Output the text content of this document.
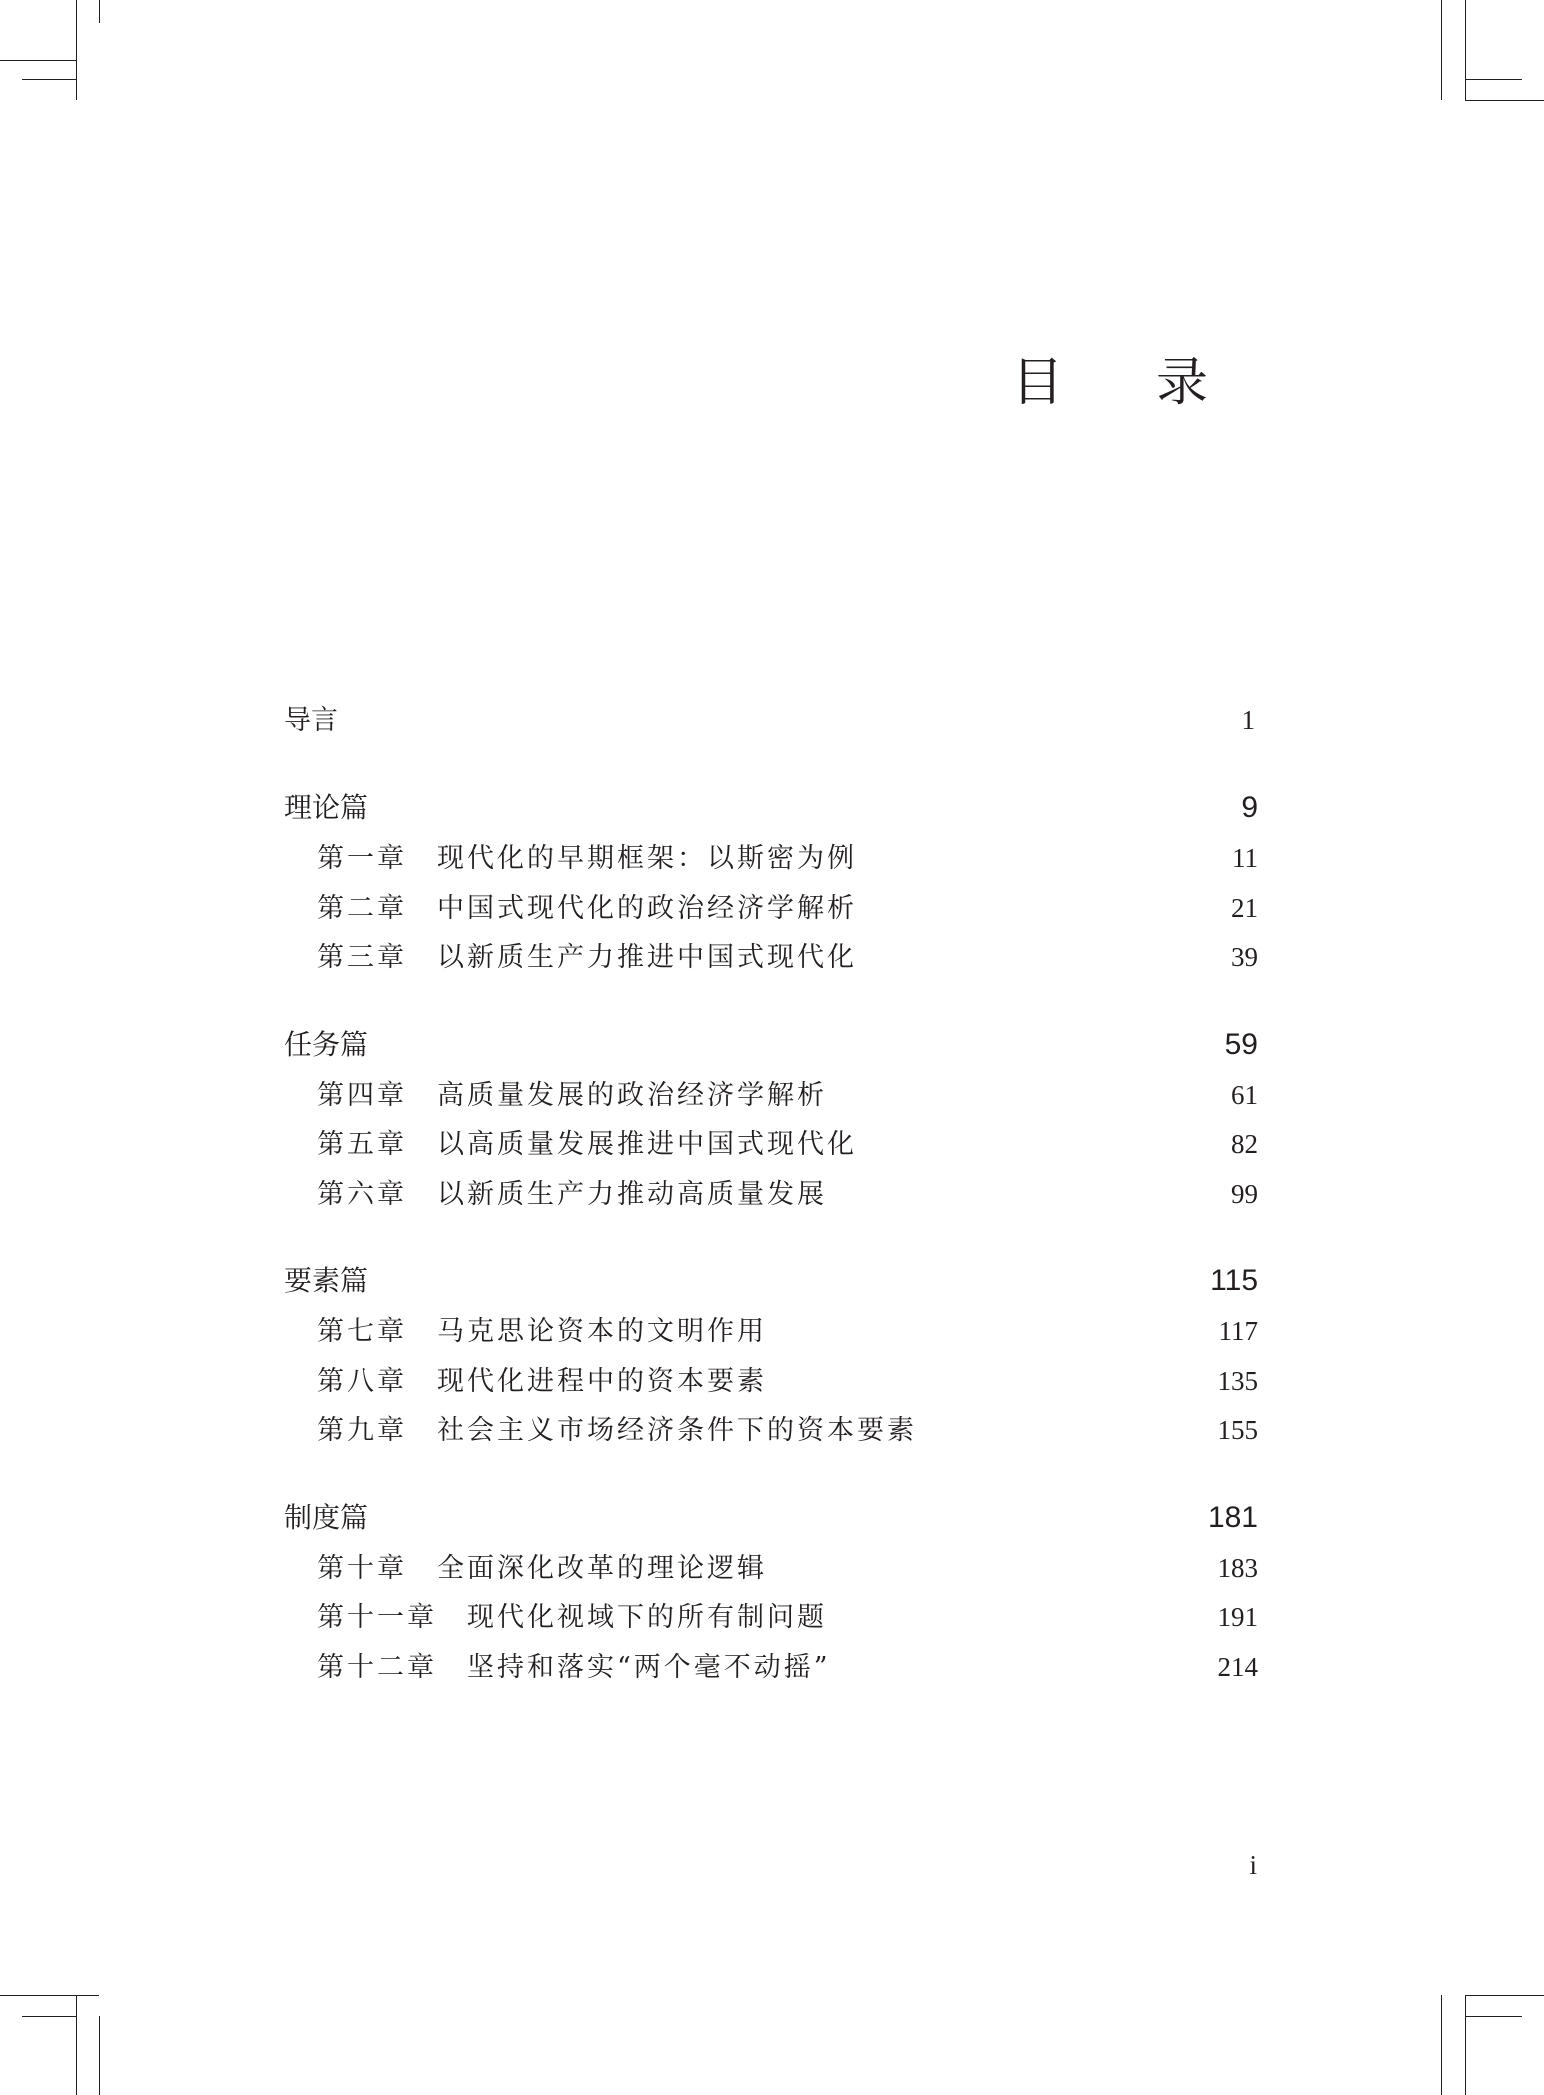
目 录
导言	1
理论篇	9
第一章 现代化的早期框架：以斯密为例	11
第二章 中国式现代化的政治经济学解析	21
第三章 以新质生产力推进中国式现代化	39
任务篇	59
第四章 高质量发展的政治经济学解析	61
第五章 以高质量发展推进中国式现代化	82
第六章 以新质生产力推动高质量发展	99
要素篇	115
第七章 马克思论资本的文明作用	117
第八章 现代化进程中的资本要素	135
第九章 社会主义市场经济条件下的资本要素	155
制度篇	181
第十章 全面深化改革的理论逻辑	183
第十一章 现代化视域下的所有制问题	191
第十二章 坚持和落实“两个毫不动摇”	214
i
